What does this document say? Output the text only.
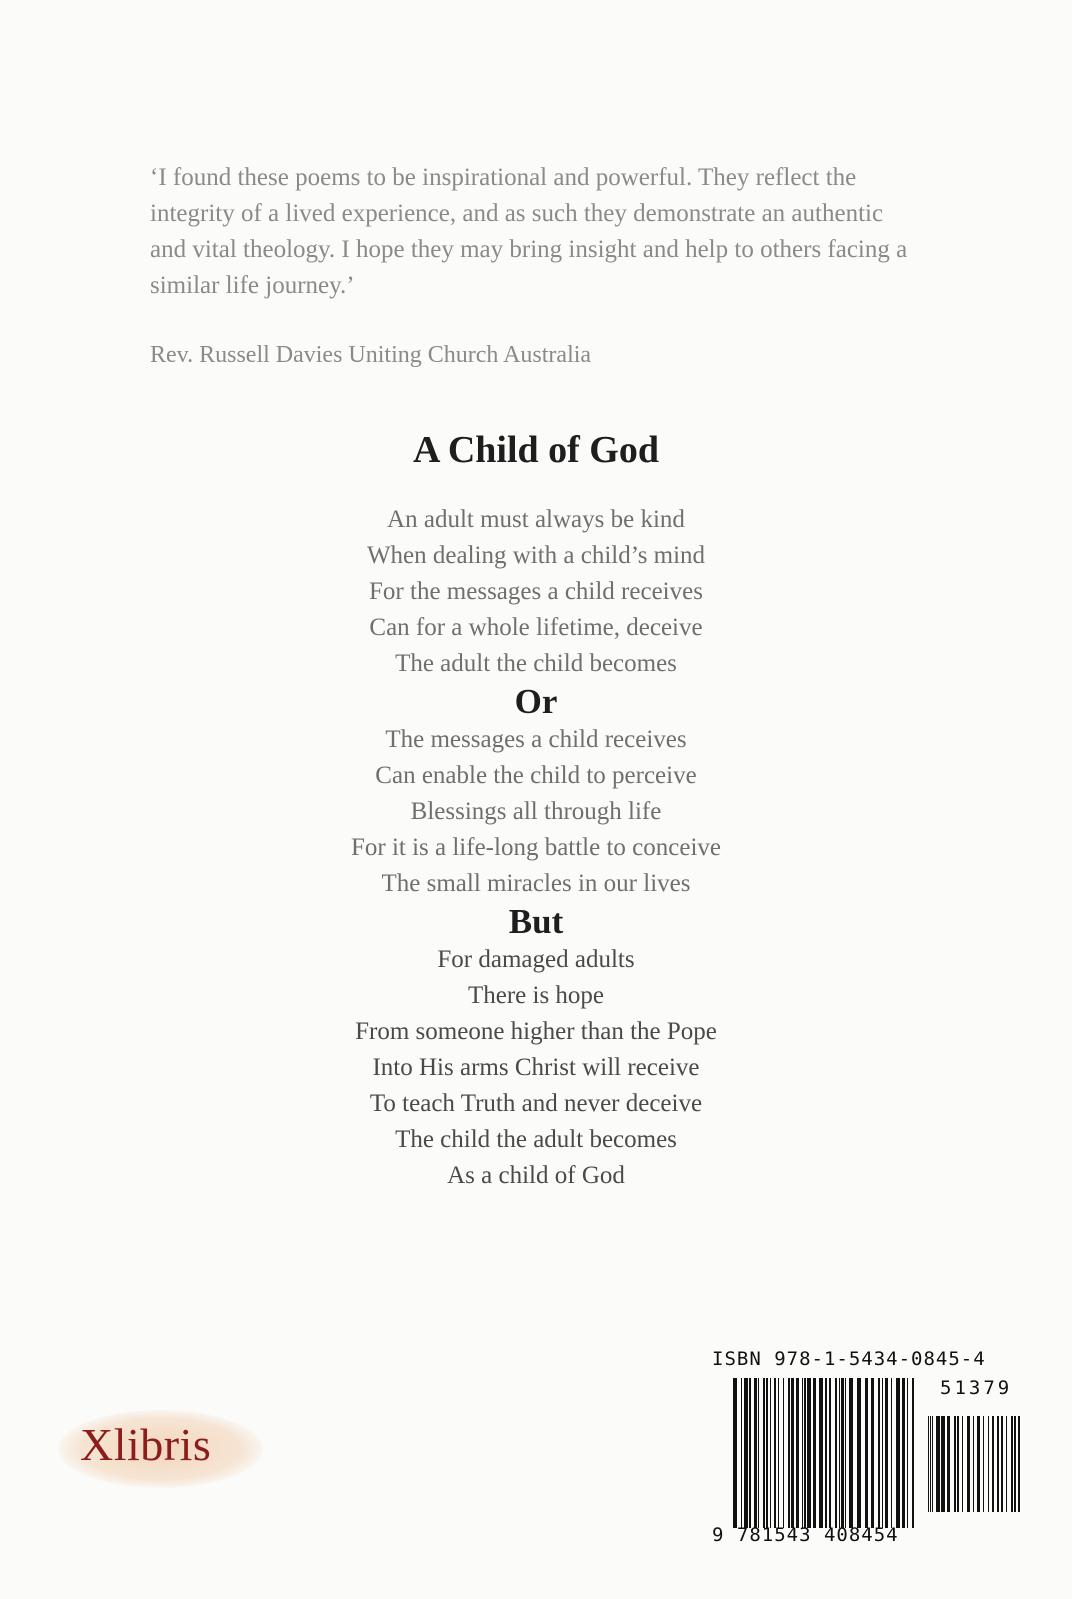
‘I found these poems to be inspirational and powerful. They reflect the integrity of a lived experience, and as such they demonstrate an authentic and vital theology. I hope they may bring insight and help to others facing a similar life journey.’
Rev. Russell Davies Uniting Church Australia
A Child of God
An adult must always be kind
When dealing with a child’s mind
For the messages a child receives
Can for a whole lifetime, deceive
The adult the child becomes
Or
The messages a child receives
Can enable the child to perceive
Blessings all through life
For it is a life-long battle to conceive
The small miracles in our lives
But
For damaged adults
There is hope
From someone higher than the Pope
Into His arms Christ will receive
To teach Truth and never deceive
The child the adult becomes
As a child of God
Xlibris
ISBN 978-1-5434-0845-4
51379
9 781543 408454
